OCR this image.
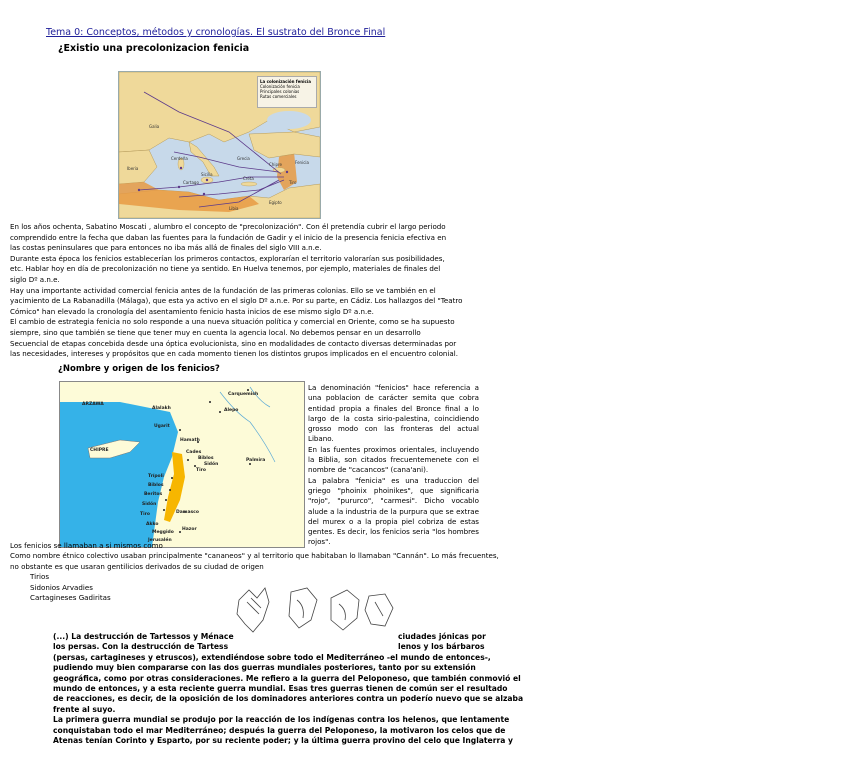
Tema 0: Conceptos, métodos y cronologías. El sustrato del Bronce Final
¿Existio una precolonizacion fenicia
La colonización fenicia
Colonización fenicia
Principales colonias
Rutas comerciales
Galia
Iberia
Cerdeña
Sicilia
Creta
Chipre	Fenicia
Egipto
Libia
Cartago	Tiro
Grecia
En los años ochenta, Sabatino Moscati , alumbro el concepto de "precolonización". Con él pretendía cubrir el largo periodo
comprendido entre la fecha que daban las fuentes para la fundación de Gadir y el inicio de la presencia fenicia efectiva en
las costas peninsulares que para entonces no iba más allá de finales del siglo VIII a.n.e.
Durante esta época los fenicios establecerían los primeros contactos, explorarían el territorio valorarían sus posibilidades,
etc. Hablar hoy en día de precolonización no tiene ya sentido. En Huelva tenemos, por ejemplo, materiales de finales del
siglo Dº a.n.e.
Hay una importante actividad comercial fenicia antes de la fundación de las primeras colonias. Ello se ve también en el
yacimiento de La Rabanadilla (Málaga), que esta ya activo en el siglo Dº a.n.e. Por su parte, en Cádiz. Los hallazgos del "Teatro
Cómico" han elevado la cronología del asentamiento fenicio hasta inicios de ese mismo siglo Dº a.n.e.
El cambio de estrategia fenicia no solo responde a una nueva situación política y comercial en Oriente, como se ha supuesto
siempre, sino que también se tiene que tener muy en cuenta la agencia local. No debemos pensar en un desarrollo
Secuencial de etapas concebida desde una óptica evolucionista, sino en modalidades de contacto diversas determinadas por
las necesidades, intereses y propósitos que en cada momento tienen los distintos grupos implicados en el encuentro colonial.
¿Nombre y origen de los fenicios?
ARZAWA
Alalakh
Carquemish
Alepo
Ugarit
Hamath
Cades
Biblos
Sidón
Tiro
Palmira
CHIPRE
Trípoli
Biblos
Beritos
Sidón
Tiro
Akko
Damasco
Meggido
Hazor
Jerusalén

La denominación "fenicios" hace referencia a una poblacion de carácter semita que cobra entidad propia a finales del Bronce final a lo largo de la costa sirio-palestina, coincidiendo grosso modo con las fronteras del actual Libano.

En las fuentes proximos orientales, incluyendo la Biblia, son citados frecuentemenete con el nombre de "cacancos" (cana'ani).

La palabra "fenicia" es una traduccion del griego "phoinix phoinikes", que significaria "rojo", "pururco", "carmesi". Dicho vocablo alude a la industria de la purpura que se extrae del murex o a la propia piel cobriza de estas gentes. Es decir, los fenicios seria "los hombres rojos".

Los fenicios se llamaban a si mismos como
Como nombre étnico colectivo usaban principalmente "cananeos" y al territorio que habitaban lo llamaban "Cannán". Lo más frecuentes,
no obstante es que usaran gentilicios derivados de su ciudad de origen
Tirios
Sidonios Arvadies
Cartagineses Gadiritas
(...) La destrucción de Tartessos y Ménace
los persas. Con la destrucción de Tartess
(persas, cartagineses y etruscos), extendiéndose sobre todo el Mediterráneo -el mundo de entonces-,
pudiendo muy bien compararse con las dos guerras mundiales posteriores, tanto por su extensión
geográfica, como por otras consideraciones. Me refiero a la guerra del Peloponeso, que también conmovió el
mundo de entonces, y a esta reciente guerra mundial. Esas tres guerras tienen de común ser el resultado
de reacciones, es decir, de la oposición de los dominadores anteriores contra un poderío nuevo que se alzaba
frente al suyo.
La primera guerra mundial se produjo por la reacción de los indígenas contra los helenos, que lentamente
conquistaban todo el mar Mediterráneo; después la guerra del Peloponeso, la motivaron los celos que de
Atenas tenían Corinto y Esparto, por su reciente poder; y la última guerra provino del celo que Inglaterra y
ciudades jónicas por
lenos y los bárbaros
